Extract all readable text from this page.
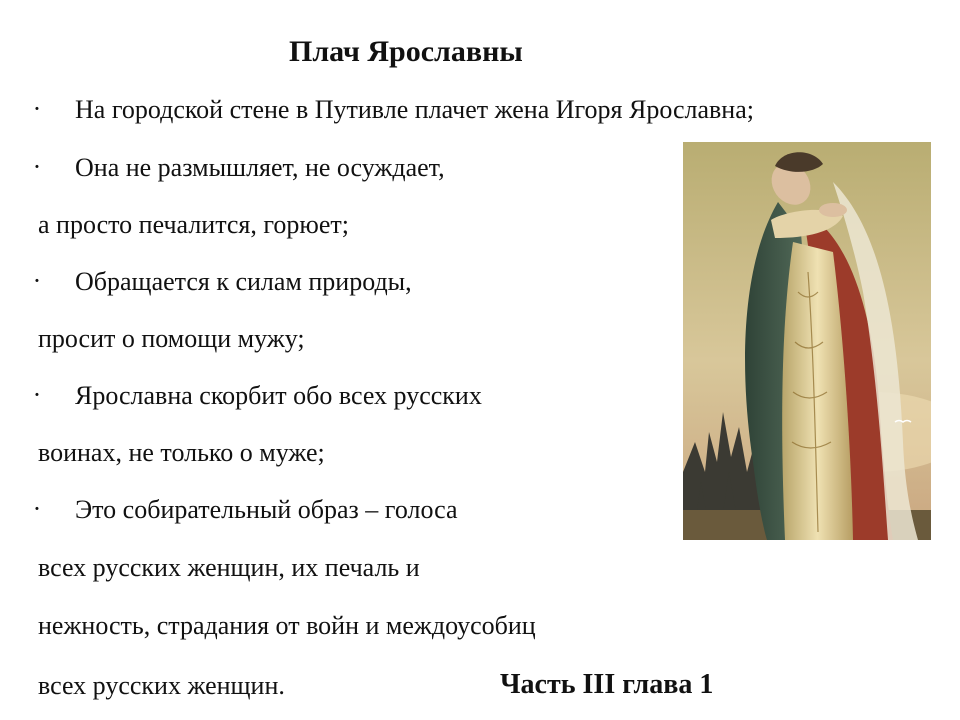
Плач Ярославны
· На городской стене в Путивле плачет жена Игоря Ярославна;
· Она не размышляет, не осуждает,
а просто печалится, горюет;
· Обращается к силам природы,
просит о помощи мужу;
· Ярославна скорбит обо всех русских
воинах, не только о муже;
· Это собирательный образ – голоса
всех русских женщин, их печаль и
нежность, страдания от войн и междоусобиц
всех русских женщин.	Часть III глава 1
